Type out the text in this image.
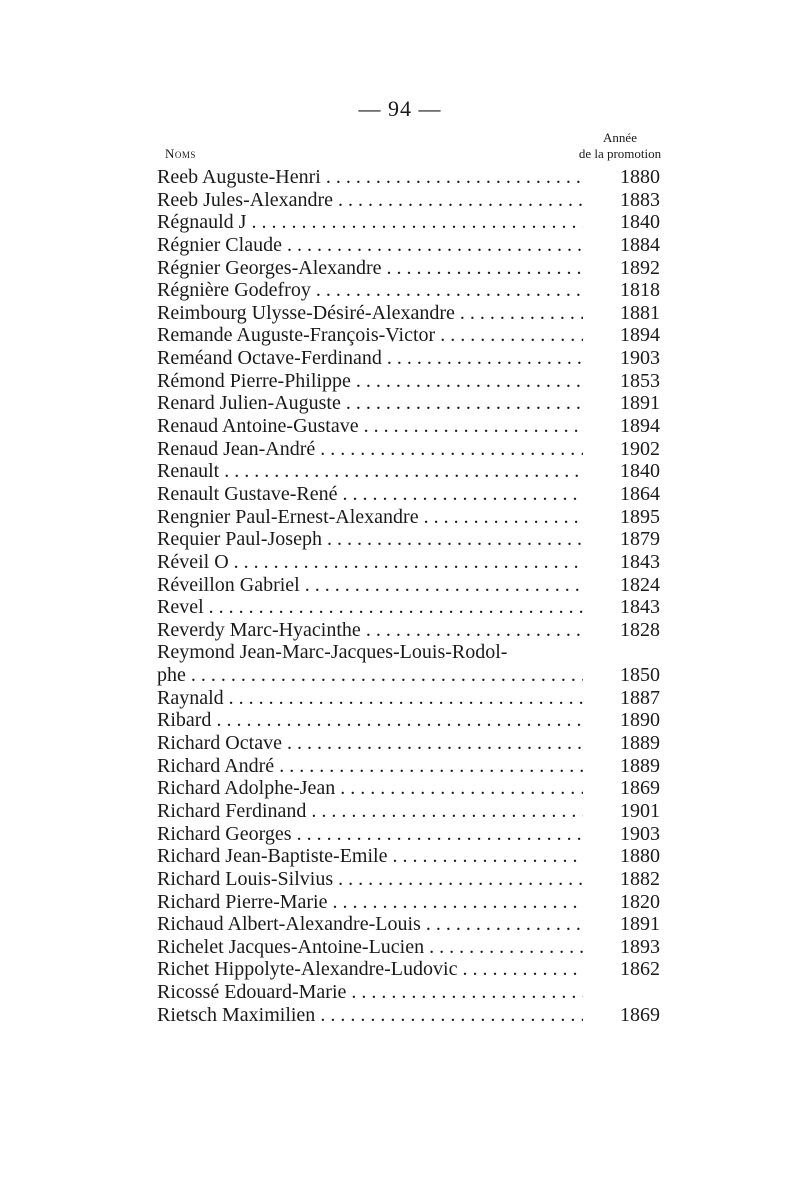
— 94 —
Noms
Année
de la promotion
Reeb Auguste-Henri . . .	1880
Reeb Jules-Alexandre . . .	1883
Régnauld J . . .	1840
Régnier Claude . . .	1884
Régnier Georges-Alexandre . . .	1892
Régnière Godefroy . . .	1818
Reimbourg Ulysse-Désiré-Alexandre . . .	1881
Remande Auguste-François-Victor . . .	1894
Reméand Octave-Ferdinand . . .	1903
Rémond Pierre-Philippe . . .	1853
Renard Julien-Auguste . . .	1891
Renaud Antoine-Gustave . . .	1894
Renaud Jean-André . . .	1902
Renault . . .	1840
Renault Gustave-René . . .	1864
Rengnier Paul-Ernest-Alexandre . . .	1895
Requier Paul-Joseph . . .	1879
Réveil O . . .	1843
Réveillon Gabriel . . .	1824
Revel . . .	1843
Reverdy Marc-Hyacinthe . . .	1828
Reymond Jean-Marc-Jacques-Louis-Rodol-
phe . . .	1850
Raynald . . .	1887
Ribard . . .	1890
Richard Octave . . .	1889
Richard André . . .	1889
Richard Adolphe-Jean . . .	1869
Richard Ferdinand . . .	1901
Richard Georges . . .	1903
Richard Jean-Baptiste-Emile . . .	1880
Richard Louis-Silvius . . .	1882
Richard Pierre-Marie . . .	1820
Richaud Albert-Alexandre-Louis . . .	1891
Richelet Jacques-Antoine-Lucien . . .	1893
Richet Hippolyte-Alexandre-Ludovic . . .	1862
Ricossé Edouard-Marie . . .
Rietsch Maximilien . . .	1869
